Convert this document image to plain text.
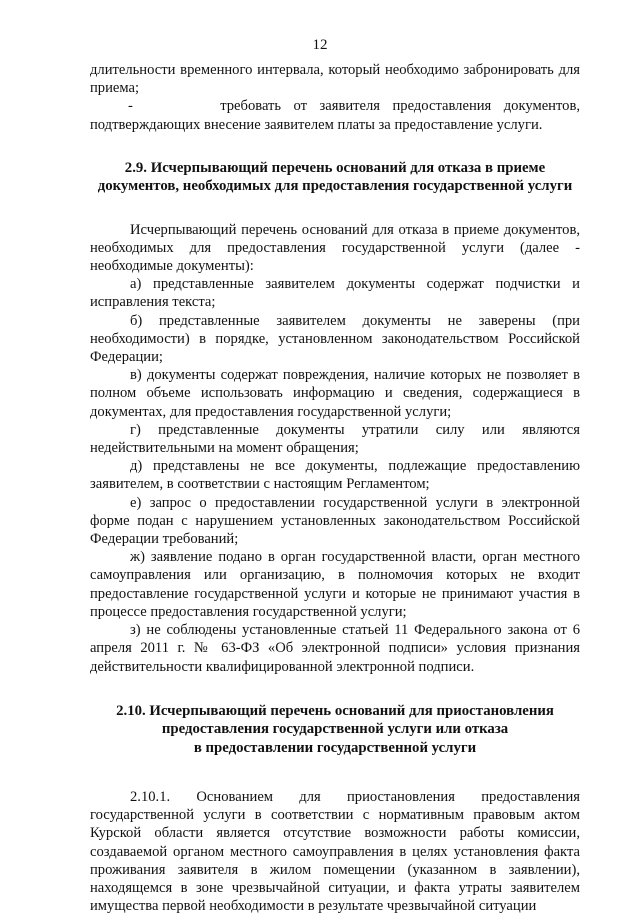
12

длительности временного интервала, который необходимо забронировать для приема;

-	требовать от заявителя предоставления документов, подтверждающих внесение заявителем платы за предоставление услуги.

2.9. Исчерпывающий перечень оснований для отказа в приеме
документов, необходимых для предоставления государственной услуги

Исчерпывающий перечень оснований для отказа в приеме документов, необходимых для предоставления государственной услуги (далее - необходимые документы):

а) представленные заявителем документы содержат подчистки и исправления текста;

б) представленные заявителем документы не заверены (при необходимости) в порядке, установленном законодательством Российской Федерации;

в) документы содержат повреждения, наличие которых не позволяет в полном объеме использовать информацию и сведения, содержащиеся в документах, для предоставления государственной услуги;

г) представленные документы утратили силу или являются недействительными на момент обращения;

д) представлены не все документы, подлежащие предоставлению заявителем, в соответствии с настоящим Регламентом;

е) запрос о предоставлении государственной услуги в электронной форме подан с нарушением установленных законодательством Российской Федерации требований;

ж) заявление подано в орган государственной власти, орган местного самоуправления или организацию, в полномочия которых не входит предоставление государственной услуги и которые не принимают участия в процессе предоставления государственной услуги;

з) не соблюдены установленные статьей 11 Федерального закона от 6 апреля 2011 г. № 63-ФЗ «Об электронной подписи» условия признания действительности квалифицированной электронной подписи.

2.10. Исчерпывающий перечень оснований для приостановления
предоставления государственной услуги или отказа
в предоставлении государственной услуги

2.10.1. Основанием для приостановления предоставления государственной услуги в соответствии с нормативным правовым актом Курской области является отсутствие возможности работы комиссии, создаваемой органом местного самоуправления в целях установления факта проживания заявителя в жилом помещении (указанном в заявлении), находящемся в зоне чрезвычайной ситуации, и факта утраты заявителем имущества первой необходимости в результате чрезвычайной ситуации
